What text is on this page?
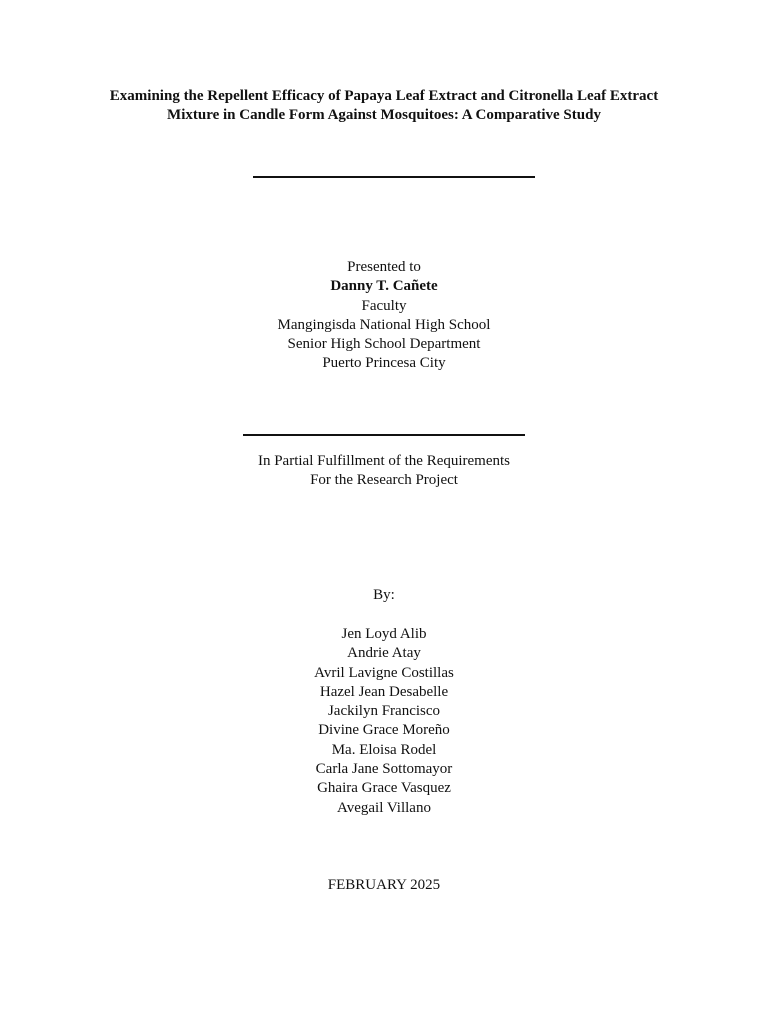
Examining the Repellent Efficacy of Papaya Leaf Extract and Citronella Leaf Extract
Mixture in Candle Form Against Mosquitoes: A Comparative Study
Presented to
Danny T. Cañete
Faculty
Mangingisda National High School
Senior High School Department
Puerto Princesa City
In Partial Fulfillment of the Requirements
For the Research Project
By:
Jen Loyd Alib
Andrie Atay
Avril Lavigne Costillas
Hazel Jean Desabelle
Jackilyn Francisco
Divine Grace Moreño
Ma. Eloisa Rodel
Carla Jane Sottomayor
Ghaira Grace Vasquez
Avegail Villano
FEBRUARY 2025
